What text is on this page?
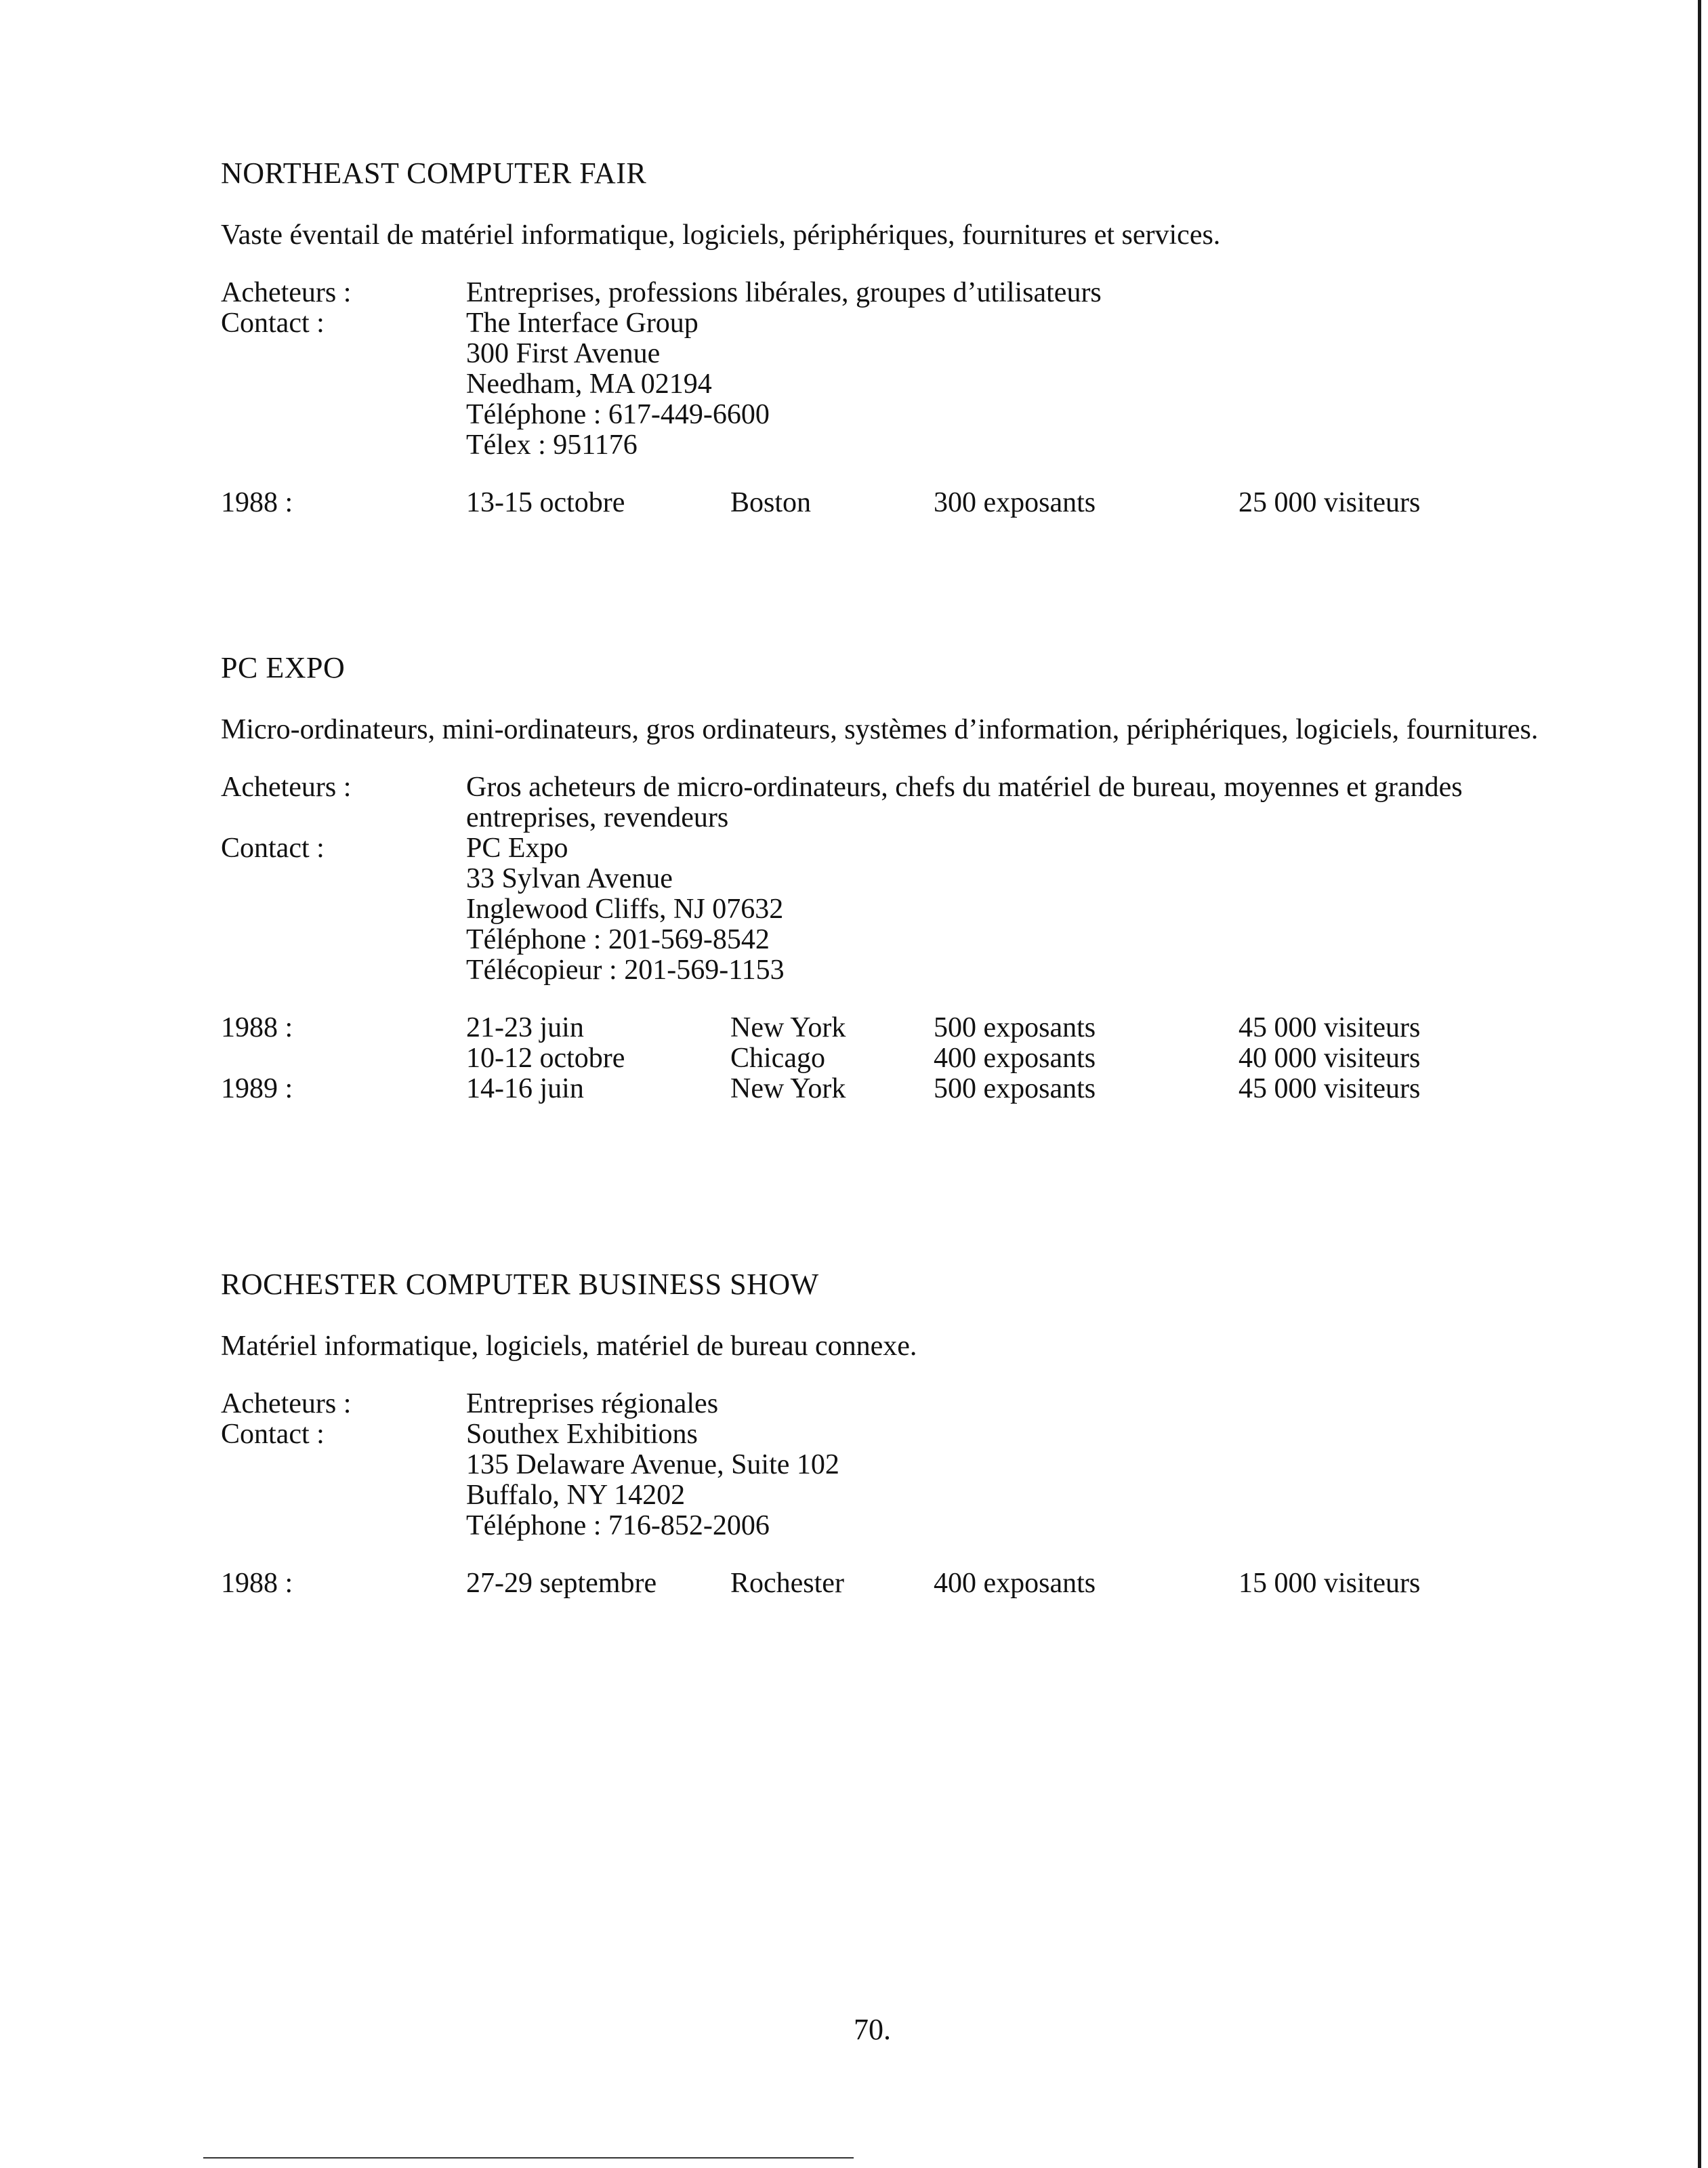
NORTHEAST COMPUTER FAIR
Vaste éventail de matériel informatique, logiciels, périphériques, fournitures et services.
Acheteurs :	Entreprises, professions libérales, groupes d’utilisateurs
Contact :	The Interface Group
300 First Avenue
Needham, MA 02194
Téléphone : 617-449-6600
Télex : 951176
1988 :	13-15 octobre	Boston	300 exposants	25 000 visiteurs
PC EXPO
Micro-ordinateurs, mini-ordinateurs, gros ordinateurs, systèmes d’information, périphériques, logiciels, fournitures.
Acheteurs :	Gros acheteurs de micro-ordinateurs, chefs du matériel de bureau, moyennes et grandes entreprises, revendeurs
Contact :	PC Expo
33 Sylvan Avenue
Inglewood Cliffs, NJ 07632
Téléphone : 201-569-8542
Télécopieur : 201-569-1153
1988 :	21-23 juin	New York	500 exposants	45 000 visiteurs
10-12 octobre	Chicago	400 exposants	40 000 visiteurs
1989 :	14-16 juin	New York	500 exposants	45 000 visiteurs
ROCHESTER COMPUTER BUSINESS SHOW
Matériel informatique, logiciels, matériel de bureau connexe.
Acheteurs :	Entreprises régionales
Contact :	Southex Exhibitions
135 Delaware Avenue, Suite 102
Buffalo, NY 14202
Téléphone : 716-852-2006
1988 :	27-29 septembre	Rochester	400 exposants	15 000 visiteurs
70.
